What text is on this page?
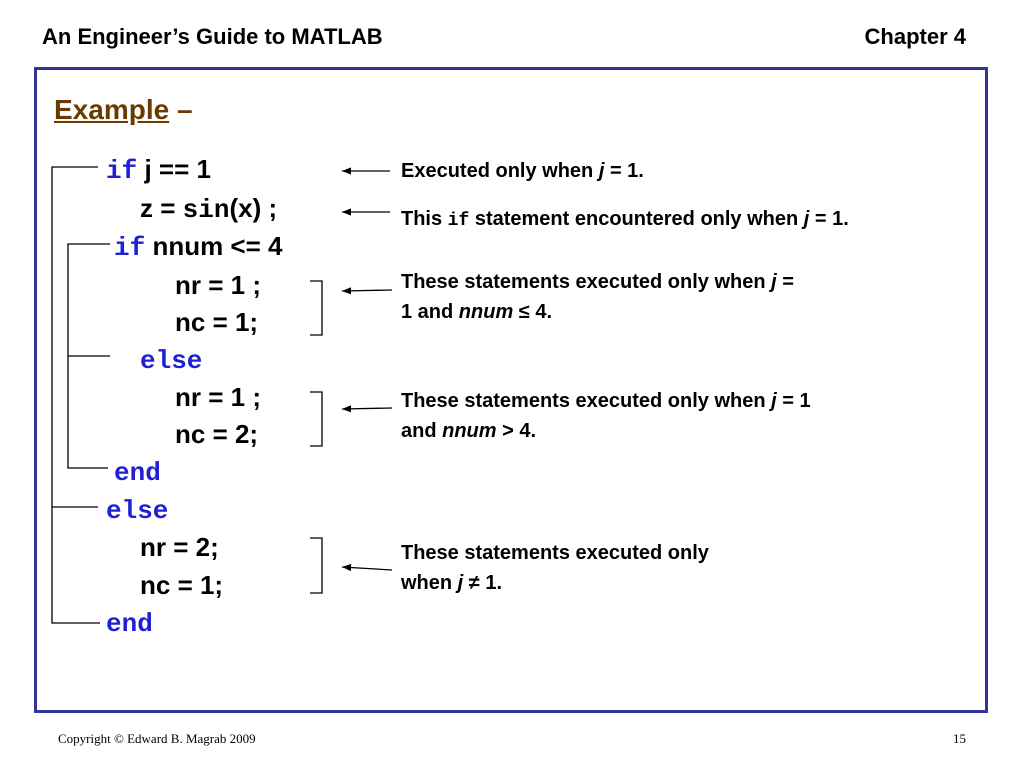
An Engineer’s Guide to MATLAB	Chapter 4
Example –
if j == 1
z = sin(x) ;
if nnum <= 4
nr = 1 ;
nc = 1;
else
nr = 1 ;
nc = 2;
end
else
nr = 2;
nc = 1;
end
Executed only when j = 1.
This if statement encountered only when j = 1.
These statements executed only when j =
1 and nnum ≤ 4.
These statements executed only when j = 1
and nnum > 4.
These statements executed only
when j ≠ 1.
Copyright © Edward B. Magrab 2009	15
